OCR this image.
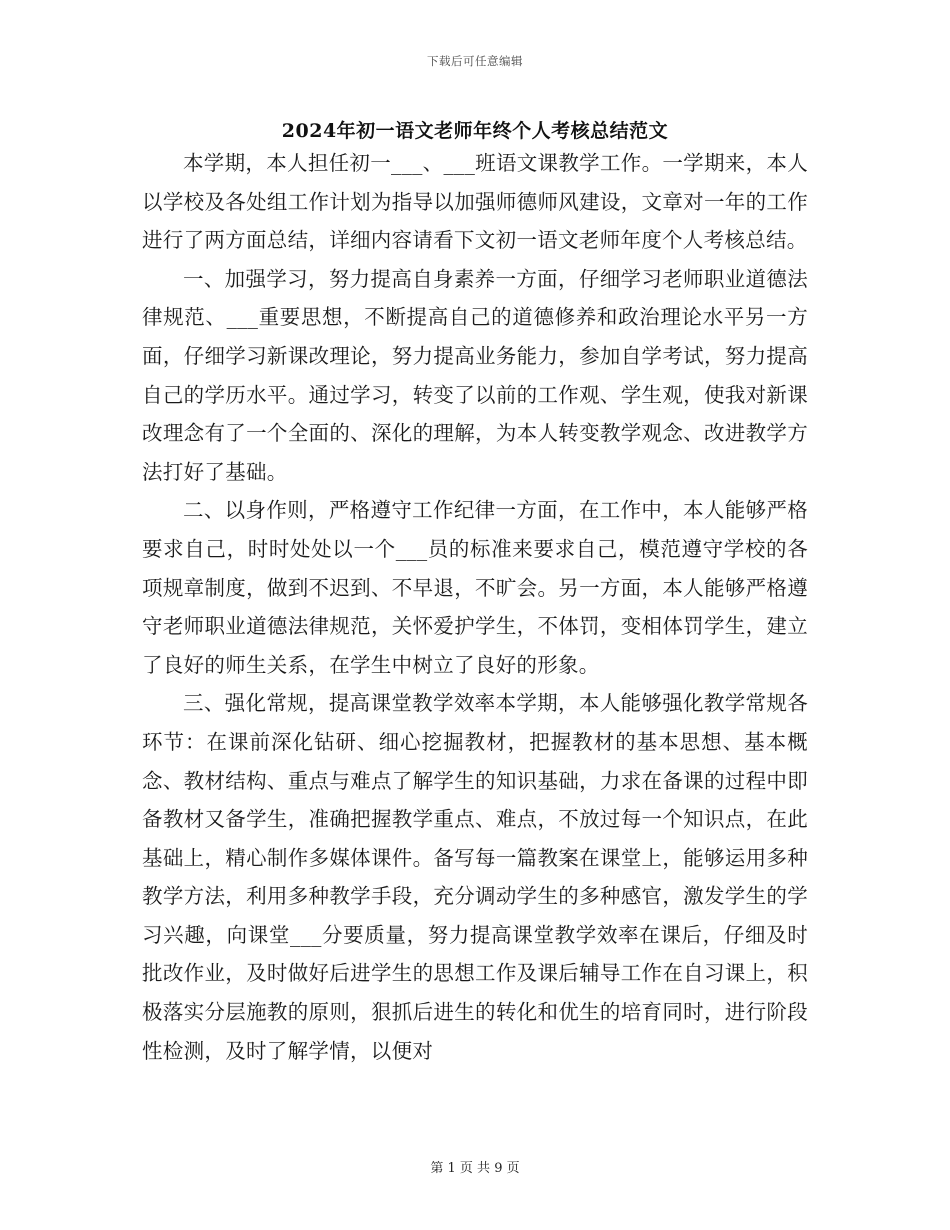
下载后可任意编辑
2024年初一语文老师年终个人考核总结范文

本学期，本人担任初一___、___班语文课教学工作。一学期来，本人以学校及各处组工作计划为指导以加强师德师风建设，文章对一年的工作进行了两方面总结，详细内容请看下文初一语文老师年度个人考核总结。

一、加强学习，努力提高自身素养一方面，仔细学习老师职业道德法律规范、___重要思想，不断提高自己的道德修养和政治理论水平另一方面，仔细学习新课改理论，努力提高业务能力，参加自学考试，努力提高自己的学历水平。通过学习，转变了以前的工作观、学生观，使我对新课改理念有了一个全面的、深化的理解，为本人转变教学观念、改进教学方法打好了基础。

二、以身作则，严格遵守工作纪律一方面，在工作中，本人能够严格要求自己，时时处处以一个___员的标准来要求自己，模范遵守学校的各项规章制度，做到不迟到、不早退，不旷会。另一方面，本人能够严格遵守老师职业道德法律规范，关怀爱护学生，不体罚，变相体罚学生，建立了良好的师生关系，在学生中树立了良好的形象。

三、强化常规，提高课堂教学效率本学期，本人能够强化教学常规各环节：在课前深化钻研、细心挖掘教材，把握教材的基本思想、基本概念、教材结构、重点与难点了解学生的知识基础，力求在备课的过程中即备教材又备学生，准确把握教学重点、难点，不放过每一个知识点，在此基础上，精心制作多媒体课件。备写每一篇教案在课堂上，能够运用多种教学方法，利用多种教学手段，充分调动学生的多种感官，激发学生的学习兴趣，向课堂___分要质量，努力提高课堂教学效率在课后，仔细及时批改作业，及时做好后进学生的思想工作及课后辅导工作在自习课上，积极落实分层施教的原则，狠抓后进生的转化和优生的培育同时，进行阶段性检测，及时了解学情，以便对

第 1 页 共 9 页
